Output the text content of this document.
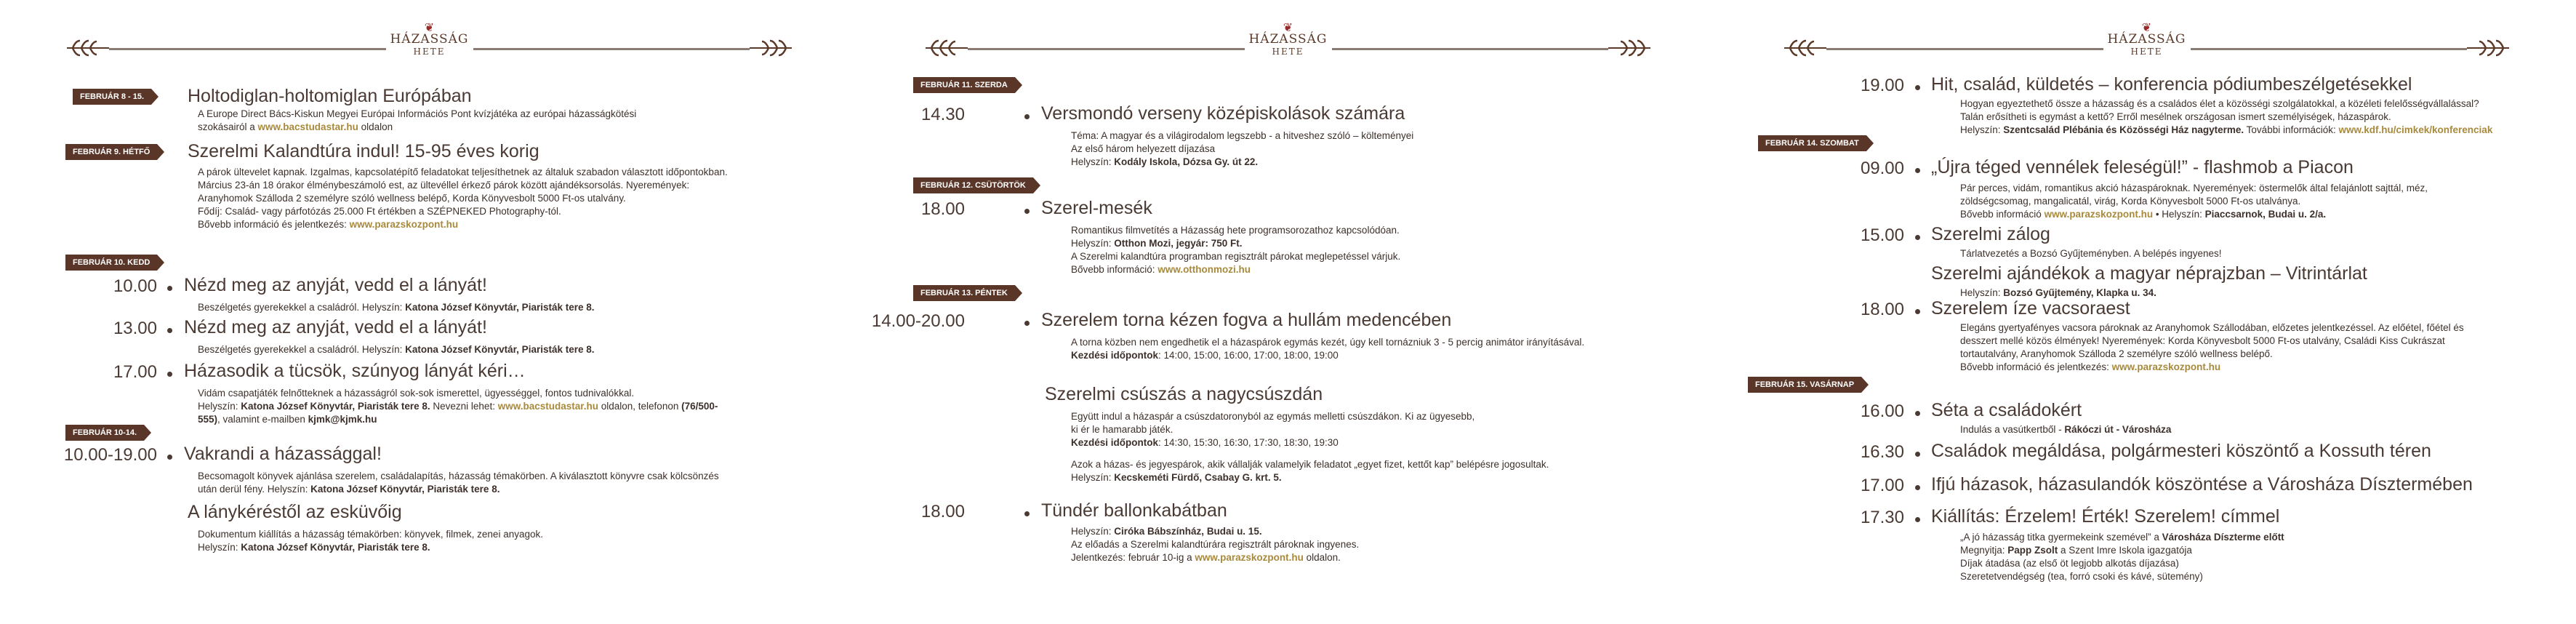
❦
HÁZASSÁG
HETE
FEBRUÁR 8 - 15.	Holtodiglan-holtomiglan Európában
A Europe Direct Bács-Kiskun Megyei Európai Információs Pont kvízjátéka az európai házasságkötési
szokásairól a www.bacstudastar.hu oldalon
FEBRUÁR 9. HÉTFŐ	Szerelmi Kalandtúra indul! 15-95 éves korig
A párok ültevelet kapnak. Izgalmas, kapcsolatépítő feladatokat teljesíthetnek az általuk szabadon választott időpontokban.
Március 23-án 18 órakor élménybeszámoló est, az ültevéllel érkező párok között ajándéksorsolás. Nyeremények:
Aranyhomok Szálloda 2 személyre szóló wellness belépő, Korda Könyvesbolt 5000 Ft-os utalvány.
Fődíj: Család- vagy párfotózás 25.000 Ft értékben a SZÉPNEKED Photography-tól.
Bővebb információ és jelentkezés: www.parazskozpont.hu
FEBRUÁR 10. KEDD
10.00 Nézd meg az anyját, vedd el a lányát!
Beszélgetés gyerekekkel a családról. Helyszín: Katona József Könyvtár, Piaristák tere 8.
13.00 Nézd meg az anyját, vedd el a lányát!
Beszélgetés gyerekekkel a családról. Helyszín: Katona József Könyvtár, Piaristák tere 8.
17.00 Házasodik a tücsök, szúnyog lányát kéri…
Vidám csapatjáték felnőtteknek a házasságról sok-sok ismerettel, ügyességgel, fontos tudnivalókkal.
Helyszín: Katona József Könyvtár, Piaristák tere 8. Nevezni lehet: www.bacstudastar.hu oldalon, telefonon (76/500-
555), valamint e-mailben kjmk@kjmk.hu
FEBRUÁR 10-14.
10.00-19.00 Vakrandi a házassággal!
Becsomagolt könyvek ajánlása szerelem, családalapítás, házasság témakörben. A kiválasztott könyvre csak kölcsönzés
után derül fény. Helyszín: Katona József Könyvtár, Piaristák tere 8.
A lánykéréstől az esküvőig
Dokumentum kiállítás a házasság témakörben: könyvek, filmek, zenei anyagok.
Helyszín: Katona József Könyvtár, Piaristák tere 8.
❦
HÁZASSÁG
HETE
FEBRUÁR 11. SZERDA
14.30	Versmondó verseny középiskolások számára
Téma: A magyar és a világirodalom legszebb - a hitveshez szóló – költeményei
Az első három helyezett díjazása
Helyszín: Kodály Iskola, Dózsa Gy. út 22.
FEBRUÁR 12. CSÜTÖRTÖK
18.00	Szerel-mesék
Romantikus filmvetítés a Házasság hete programsorozathoz kapcsolódóan.
Helyszín: Otthon Mozi, jegyár: 750 Ft.
A Szerelmi kalandtúra programban regisztrált párokat meglepetéssel várjuk.
Bővebb információ: www.otthonmozi.hu
FEBRUÁR 13. PÉNTEK
14.00-20.00	Szerelem torna kézen fogva a hullám medencében
A torna közben nem engedhetik el a házaspárok egymás kezét, úgy kell tornázniuk 3 - 5 percig animátor irányításával.
Kezdési időpontok: 14:00, 15:00, 16:00, 17:00, 18:00, 19:00
Szerelmi csúszás a nagycsúszdán
Együtt indul a házaspár a csúszdatoronyból az egymás melletti csúszdákon. Ki az ügyesebb,
ki ér le hamarabb játék.
Kezdési időpontok: 14:30, 15:30, 16:30, 17:30, 18:30, 19:30
Azok a házas- és jegyespárok, akik vállalják valamelyik feladatot „egyet fizet, kettőt kap” belépésre jogosultak.
Helyszín: Kecskeméti Fürdő, Csabay G. krt. 5.
18.00	Tündér ballonkabátban
Helyszín: Ciróka Bábszínház, Budai u. 15.
Az előadás a Szerelmi kalandtúrára regisztrált pároknak ingyenes.
Jelentkezés: február 10-ig a www.parazskozpont.hu oldalon.
❦
HÁZASSÁG
HETE
19.00 Hit, család, küldetés – konferencia pódiumbeszélgetésekkel
Hogyan egyeztethető össze a házasság és a családos élet a közösségi szolgálatokkal, a közéleti felelősségvállalással?
Talán erősítheti is egymást a kettő? Erről mesélnek országosan ismert személyiségek, házaspárok.
Helyszín: Szentcsalád Plébánia és Közösségi Ház nagyterme. További információk: www.kdf.hu/cimkek/konferenciak
FEBRUÁR 14. SZOMBAT
09.00 „Újra téged vennélek feleségül!” - flashmob a Piacon
Pár perces, vidám, romantikus akció házaspároknak. Nyeremények: östermelők által felajánlott sajttál, méz,
zöldségcsomag, mangalicatál, virág, Korda Könyvesbolt 5000 Ft-os utalványa.
Bővebb információ www.parazskozpont.hu • Helyszín: Piaccsarnok, Budai u. 2/a.
15.00 Szerelmi zálog
Tárlatvezetés a Bozsó Gyűjteményben. A belépés ingyenes!
Szerelmi ajándékok a magyar néprajzban – Vitrintárlat
Helyszín: Bozsó Gyűjtemény, Klapka u. 34.
18.00 Szerelem íze vacsoraest
Elegáns gyertyafényes vacsora pároknak az Aranyhomok Szállodában, előzetes jelentkezéssel. Az előétel, főétel és
desszert mellé közös élmények! Nyeremények: Korda Könyvesbolt 5000 Ft-os utalvány, Családi Kiss Cukrászat
tortautalvány, Aranyhomok Szálloda 2 személyre szóló wellness belépő.
Bővebb információ és jelentkezés: www.parazskozpont.hu
FEBRUÁR 15. VASÁRNAP
16.00 Séta a családokért
Indulás a vasútkertből - Rákóczi út - Városháza
16.30 Családok megáldása, polgármesteri köszöntő a Kossuth téren
17.00 Ifjú házasok, házasulandók köszöntése a Városháza Dísztermében
17.30 Kiállítás: Érzelem! Érték! Szerelem! címmel
„A jó házasság titka gyermekeink szemével” a Városháza Díszterme előtt
Megnyitja: Papp Zsolt a Szent Imre Iskola igazgatója
Díjak átadása (az első öt legjobb alkotás díjazása)
Szeretetvendégség (tea, forró csoki és kávé, sütemény)
